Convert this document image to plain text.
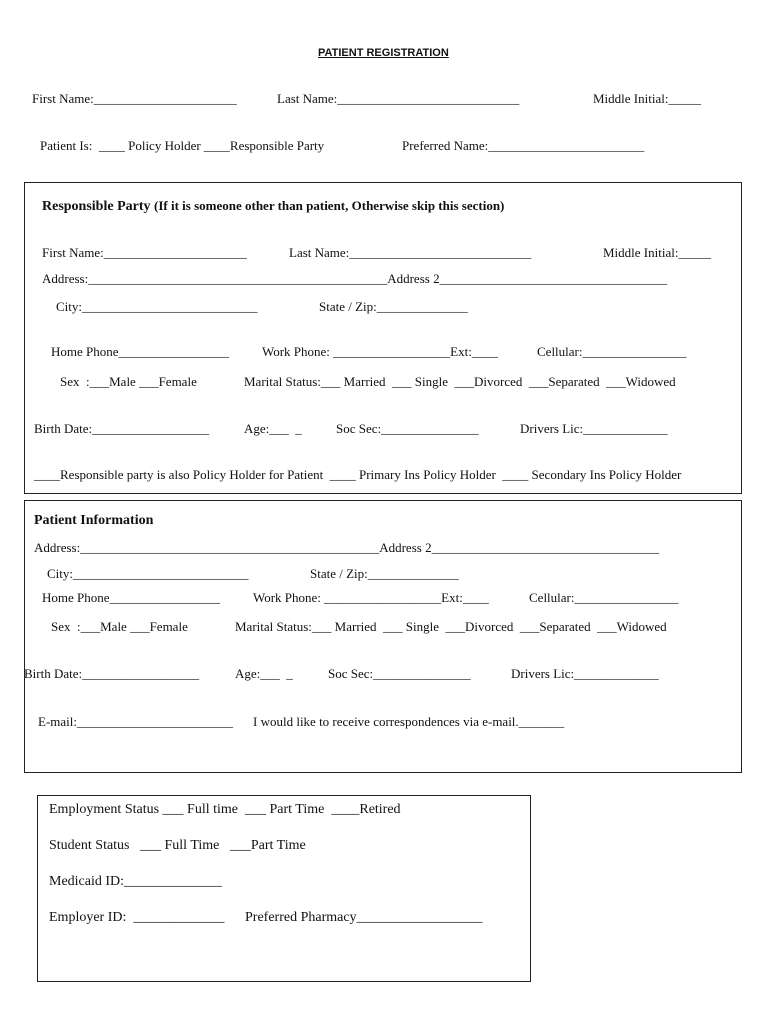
PATIENT REGISTRATION
First Name:______________________	Last Name:____________________________	Middle Initial:_____
Patient Is:  ____ Policy Holder ____Responsible Party	Preferred Name:________________________
Responsible Party (If it is someone other than patient, Otherwise skip this section)
First Name:______________________	Last Name:____________________________	Middle Initial:_____
Address:______________________________________________Address 2___________________________________
City:___________________________	State / Zip:______________
Home Phone_________________	Work Phone: __________________Ext:____	Cellular:________________
Sex  :___Male ___Female	Marital Status:___ Married  ___ Single  ___Divorced  ___Separated  ___Widowed
Birth Date:__________________	Age:___  _	Soc Sec:_______________	Drivers Lic:_____________
____Responsible party is also Policy Holder for Patient  ____ Primary Ins Policy Holder  ____ Secondary Ins Policy Holder
Patient Information
Address:______________________________________________Address 2___________________________________
City:___________________________	State / Zip:______________
Home Phone_________________	Work Phone: __________________Ext:____	Cellular:________________
Sex  :___Male ___Female	Marital Status:___ Married  ___ Single  ___Divorced  ___Separated  ___Widowed
Birth Date:__________________	Age:___  _	Soc Sec:_______________	Drivers Lic:_____________
E-mail:________________________ I would like to receive correspondences via e-mail._______
Employment Status ___ Full time  ___ Part Time  ____Retired
Student Status   ___ Full Time   ___Part Time
Medicaid ID:______________
Employer ID:  _____________ Preferred Pharmacy__________________
